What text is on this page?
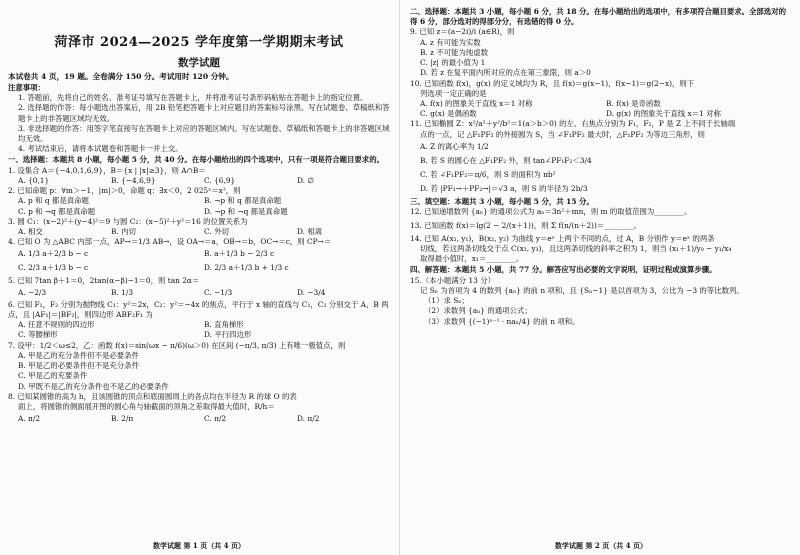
菏泽市 2024—2025 学年度第一学期期末考试
数学试题

本试卷共 4 页，19 题。全卷满分 150 分。考试用时 120 分钟。

注意事项：

1. 答题前，先将自己的姓名、准考证号填写在答题卡上，并将准考证号条形码粘贴在答题卡上的指定位置。

2. 选择题的作答：每小题选出答案后，用 2B 铅笔把答题卡上对应题目的答案标号涂黑。写在试题卷、草稿纸和答题卡上的非答题区域均无效。

3. 非选择题的作答：用签字笔直接写在答题卡上对应的答题区域内。写在试题卷、草稿纸和答题卡上的非答题区域均无效。

4. 考试结束后，请将本试题卷和答题卡一并上交。

一、选择题：本题共 8 小题，每小题 5 分，共 40 分。在每小题给出的四个选项中，只有一项是符合题目要求的。

1. 设集合 A＝{−4,0,1,6,9}，B＝{x | |x|≥3}，则 A∩B＝

A. {0,1}	B. {−4,6,9}	C. {6,9}	D. ∅

2. 已知命题 p：∀m＞−1，|m|＞0，命题 q：∃x＜0，2 025ˣ＝x²，则

A. p 和 q 都是真命题	B. ¬p 和 q 都是真命题
C. p 和 ¬q 都是真命题	D. ¬p 和 ¬q 都是真命题

3. 圆 C₁：(x−2)²＋(y−4)²＝9 与圆 C₂：(x−5)²＋y²＝16 的位置关系为

A. 相交	B. 内切	C. 外切	D. 相离

4. 已知 O 为 △ABC 内部一点，AP→＝1/3 AB→，设 OA→＝a，OB→＝b，OC→＝c，则 CP→＝

A. 1/3 a＋2/3 b − c	B. a＋1/3 b − 2/3 c
C. 2/3 a＋1/3 b − c	D. 2/3 a＋1/3 b + 1/3 c

5. 已知 7tan β＋1＝0，2tan(α−β)−1＝0，则 tan 2α＝

A. −2/3	B. 1/3	C. −1/3	D. −3/4

6. 已知 F₁，F₂ 分别为抛物线 C₁：y²＝2x，C₂：y²＝−4x 的焦点，平行于 x 轴的直线与 C₁，C₂ 分别交于 A，B 两点，且 |AF₁|＝|BF₂|，则四边形 ABF₂F₁ 为

A. 任意不规则的四边形	B. 直角梯形
C. 等腰梯形	D. 平行四边形

7. 设甲：1/2＜ω≤2，乙：函数 f(x)＝sin(ωx − π/6)(ω＞0) 在区间 (−π/3, π/3) 上有唯一极值点，则

A. 甲是乙的充分条件但不是必要条件
B. 甲是乙的必要条件但不是充分条件
C. 甲是乙的充要条件
D. 甲既不是乙的充分条件也不是乙的必要条件

8. 已知某圆锥的高为 h，且该圆锥的顶点和底面圆周上的各点均在半径为 R 的球 O 的表

面上，将圆锥的侧面展开图的圆心角与轴截面的顶角之差取得最大值时，R/h＝

A. π/2	B. 2/π	C. π/2	D. π/2
数学试题 第 1 页（共 4 页）

二、选择题：本题共 3 小题，每小题 6 分，共 18 分。在每小题给出的选项中，有多项符合题目要求。全部选对的得 6 分，部分选对的得部分分，有选错的得 0 分。

9. 已知 z＝(a−2i)/i (a∈R)，则

A. z 有可能为实数
B. z 不可能为纯虚数
C. |z| 的最小值为 1
D. 若 z 在复平面内所对应的点在第三象限，则 a＞0

10. 已知函数 f(x)，g(x) 的定义域均为 R，且 f(x)＝g(x−1)，f(x−1)＝g(2−x)，则下

列选项一定正确的是

A. f(x) 的图象关于直线 x＝1 对称	B. f(x) 是奇函数
C. g(x) 是偶函数	D. g(x) 的图象关于直线 x＝1 对称

11. 已知椭圆 Z：x²/a²＋y²/b²＝1(a＞b＞0) 的左、右焦点分别为 F₁，F₂，P 是 Z 上不同于长轴端

点的一点，记 △F₁PF₂ 的外接圆为 S，当 ∠F₁PF₂ 最大时，△F₁PF₂ 为等边三角形，则

A. Z 的离心率为 1/2
B. 若 S 的圆心在 △F₁PF₂ 外，则 tan∠PF₁F₂＜3/4
C. 若 ∠F₁PF₂＝π/6，则 S 的面积为 πb²
D. 若 |PF₁→＋PF₂→|＝√3 a，则 S 的半径为 2b/3

三、填空题：本题共 3 小题，每小题 5 分，共 15 分。

12. 已知递增数列 {aₙ} 的通项公式为 aₙ＝3n²＋mn，则 m 的取值范围为________。

13. 已知函数 f(x)＝lg(2 − 2/(x＋1))，则 Σ f(n/(n＋2))＝________。

14. 已知 A(x₁, y₁)，B(x₂, y₂) 为曲线 y＝eˣ 上两个不同的点，过 A，B 分别作 y＝eˣ 的两条

切线，若这两条切线交于点 C(x₃, y₃)，且这两条切线的斜率之积为 1，则当 (x₁＋1)/y₀ − y₁/x₄

取得最小值时，x₁＝________。

四、解答题：本题共 5 小题，共 77 分。解答应写出必要的文字说明，证明过程或演算步骤。

15.（本小题满分 13 分）

记 Sₙ 为首项为 4 的数列 {aₙ} 的前 n 项和，且 {Sₙ−1} 是以首项为 3，公比为 −3 的等比数列。

（1）求 Sₙ；
（2）求数列 {aₙ} 的通项公式；
（3）求数列 {(−1)ⁿ⁻¹ · naₙ/4} 的前 n 项和。
数学试题 第 2 页（共 4 页）
